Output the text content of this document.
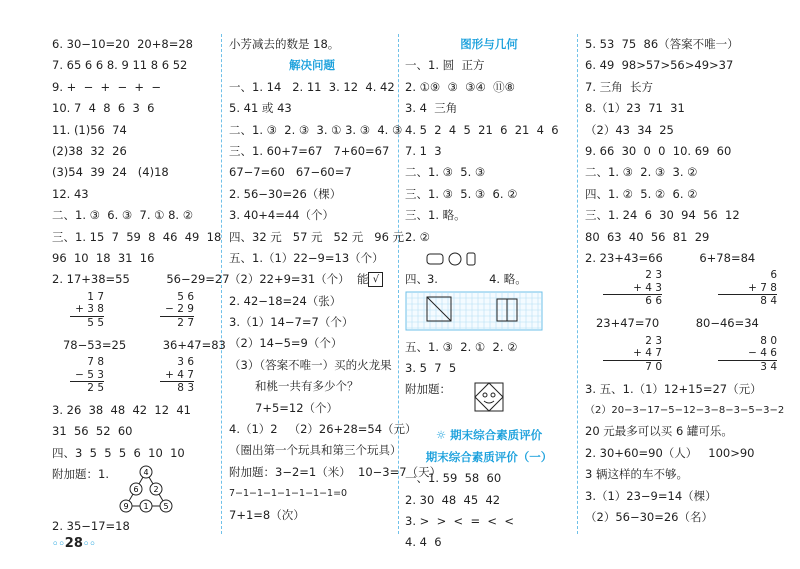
6. 30−10=20  20+8=28
7. 65 6 6 8. 9 11 8 6 52
9. +  −  +  −  +  −
10. 7  4  8  6  3  6
11. (1)56  74
(2)38  32  26
(3)54  39  24   (4)18
12. 43
二、1. ③  6. ③  7. ① 8. ②
三、1. 15  7  59  8  46  49  18
96  10  18  31  16
2. 17+38=55          56−29=27
1 7
+ 3 8
5 5
5 6
− 2 9
2 7
78−53=25          36+47=83
7 8
− 5 3
2 5
3 6
+ 4 7
8 3
3. 26  38  48  42  12  41
31  56  52  60
四、3  5  5  5  6  10  10
附加题：1.	4
6 2
9 1 5
2. 35−17=18
小芳减去的数是 18。
解决问题
一、1. 14   2. 11  3. 12  4. 42
5. 41 或 43
二、1. ③  2. ③  3. ① 3. ③  4. ③
三、1. 60+7=67   7+60=67
67−7=60   67−60=7
2. 56−30=26（棵）
3. 40+4=44（个）
四、32 元   57 元   52 元   96 元
五、1.（1）22−9=13（个）
（2）22+9=31（个） 能 √
2. 42−18=24（张）
3.（1）14−7=7（个）
（2）14−5=9（个）
（3）（答案不唯一）买的火龙果
和桃一共有多少个？
7+5=12（个）
4.（1）2   （2）26+28=54（元）
（圈出第一个玩具和第三个玩具）
附加题：3−2=1（米）  10−3=7（天）
7−1−1−1−1−1−1−1=0
7+1=8（次）
图形与几何
一、1. 圆  正方
2. ①⑨  ③  ③④  ⑪⑧
3. 4  三角
4. 5  2  4  5  21  6  21  4  6
7. 1  3
二、1. ③  5. ③
三、1. ③  5. ③  6. ②
三、1. 略。
2. ②

3.              4. 略。

四、
五、1. ③  2. ①  2. ②
3. 5  7  5
附加题：
☼ 期末综合素质评价
期末综合素质评价（一）
一、1. 59  58  60
2. 30  48  45  42
3. >  >  <  =  <  <
4. 4  6
5. 53  75  86（答案不唯一）
6. 49  98>57>56>49>37
7. 三角  长方
8.（1）23  71  31
（2）43  34  25
9. 66  30  0  0  10. 69  60
二、1. ③  2. ③  3. ②
四、1. ②  5. ②  6. ②
三、1. 24  6  30  94  56  12
80  63  40  56  81  29
2. 23+43=66          6+78=84
2 3
+ 4 3
6 6
6
+ 7 8
8 4
23+47=70          80−46=34
2 3
+ 4 7
7 0
8 0
− 4 6
3 4
3. 五、1.（1）12+15=27（元）
（2）20−3−17−5−12−3−8−3−5−3−2
20 元最多可以买 6 罐可乐。
2. 30+60=90（人）   100>90
3 辆这样的车不够。
3.（1）23−9=14（棵）
（2）56−30=26（名）
◦◦28◦◦
